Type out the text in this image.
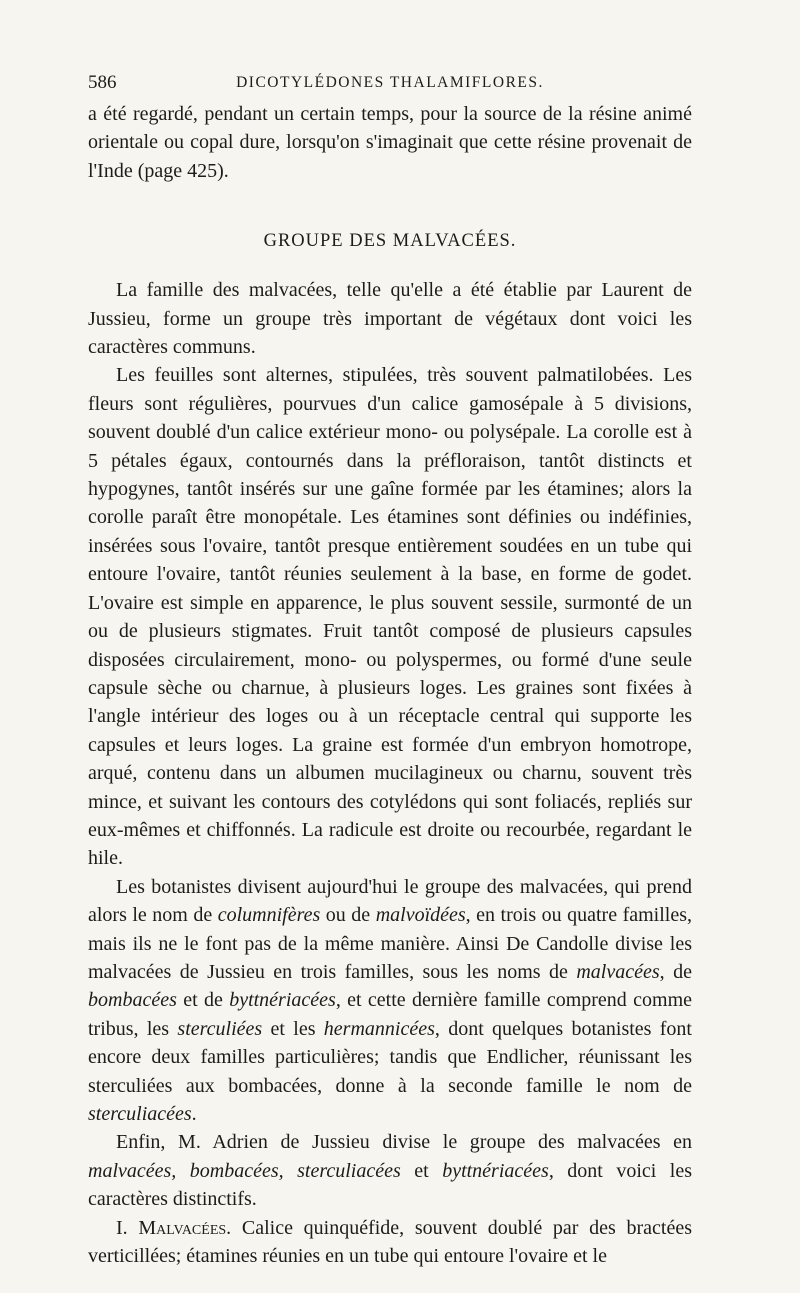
586	DICOTYLÉDONES THALAMIFLORES.

a été regardé, pendant un certain temps, pour la source de la résine animé orientale ou copal dure, lorsqu'on s'imaginait que cette résine provenait de l'Inde (page 425).

GROUPE DES MALVACÉES.

La famille des malvacées, telle qu'elle a été établie par Laurent de Jussieu, forme un groupe très important de végétaux dont voici les caractères communs.

Les feuilles sont alternes, stipulées, très souvent palmatilobées. Les fleurs sont régulières, pourvues d'un calice gamosépale à 5 divisions, souvent doublé d'un calice extérieur mono- ou polysépale. La corolle est à 5 pétales égaux, contournés dans la préfloraison, tantôt distincts et hypogynes, tantôt insérés sur une gaîne formée par les étamines; alors la corolle paraît être monopétale. Les étamines sont définies ou indéfinies, insérées sous l'ovaire, tantôt presque entièrement soudées en un tube qui entoure l'ovaire, tantôt réunies seulement à la base, en forme de godet. L'ovaire est simple en apparence, le plus souvent sessile, surmonté de un ou de plusieurs stigmates. Fruit tantôt composé de plusieurs capsules disposées circulairement, mono- ou polyspermes, ou formé d'une seule capsule sèche ou charnue, à plusieurs loges. Les graines sont fixées à l'angle intérieur des loges ou à un réceptacle central qui supporte les capsules et leurs loges. La graine est formée d'un embryon homotrope, arqué, contenu dans un albumen mucilagineux ou charnu, souvent très mince, et suivant les contours des cotylédons qui sont foliacés, repliés sur eux-mêmes et chiffonnés. La radicule est droite ou recourbée, regardant le hile.

Les botanistes divisent aujourd'hui le groupe des malvacées, qui prend alors le nom de columnifères ou de malvoïdées, en trois ou quatre familles, mais ils ne le font pas de la même manière. Ainsi De Candolle divise les malvacées de Jussieu en trois familles, sous les noms de malvacées, de bombacées et de byttnériacées, et cette dernière famille comprend comme tribus, les sterculiées et les hermannicées, dont quelques botanistes font encore deux familles particulières; tandis que Endlicher, réunissant les sterculiées aux bombacées, donne à la seconde famille le nom de sterculiacées.

Enfin, M. Adrien de Jussieu divise le groupe des malvacées en malvacées, bombacées, sterculiacées et byttnériacées, dont voici les caractères distinctifs.

I. Malvacées. Calice quinquéfide, souvent doublé par des bractées verticillées; étamines réunies en un tube qui entoure l'ovaire et le
